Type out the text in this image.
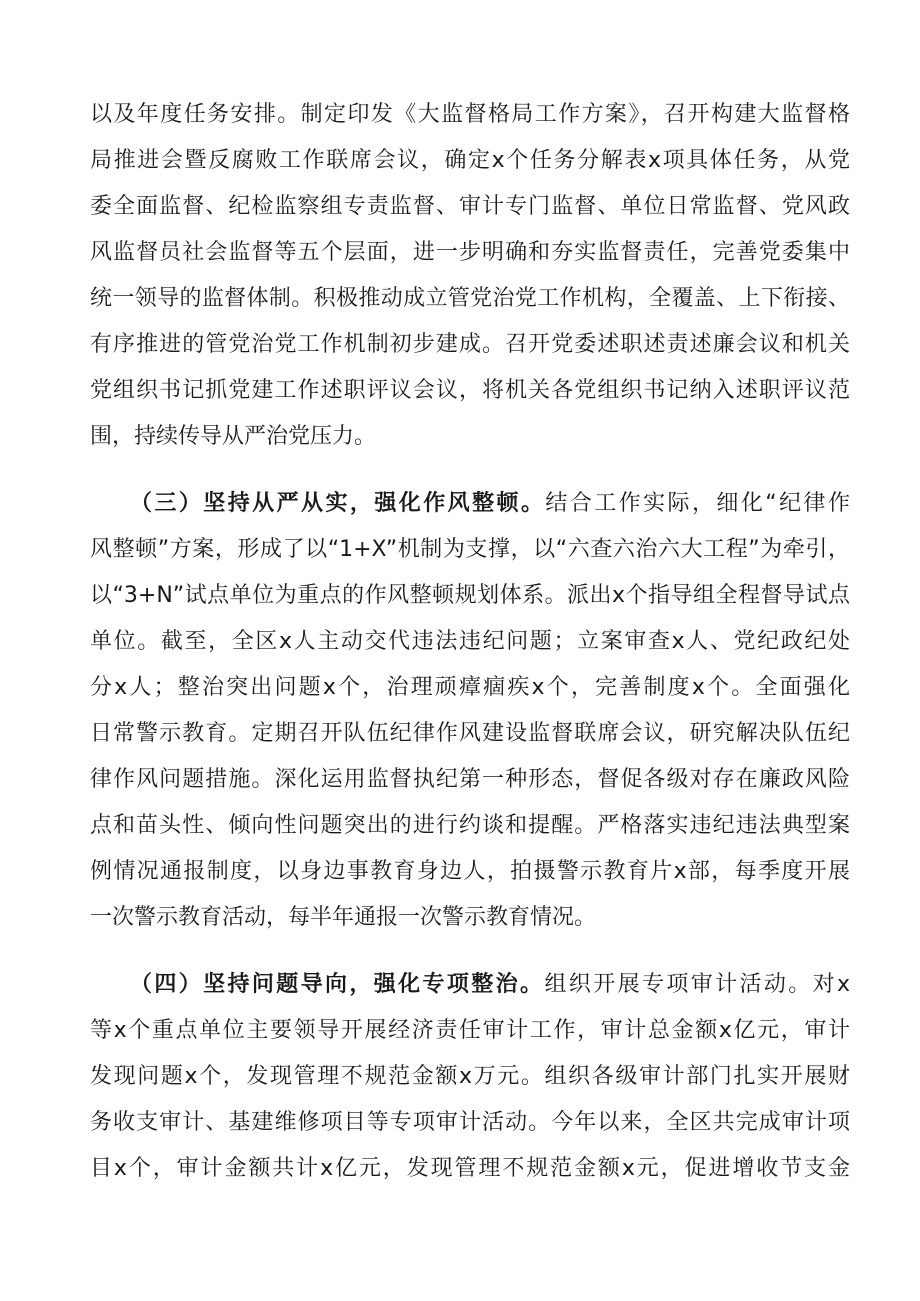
以及年度任务安排。制定印发《大监督格局工作方案》，召开构建大监督格
局推进会暨反腐败工作联席会议，确定x个任务分解表x项具体任务，从党
委全面监督、纪检监察组专责监督、审计专门监督、单位日常监督、党风政
风监督员社会监督等五个层面，进一步明确和夯实监督责任，完善党委集中
统一领导的监督体制。积极推动成立管党治党工作机构，全覆盖、上下衔接、
有序推进的管党治党工作机制初步建成。召开党委述职述责述廉会议和机关
党组织书记抓党建工作述职评议会议，将机关各党组织书记纳入述职评议范
围，持续传导从严治党压力。
（三）坚持从严从实，强化作风整顿。结合工作实际，细化“纪律作
风整顿”方案，形成了以“1+X”机制为支撑，以“六查六治六大工程”为牵引，
以“3+N”试点单位为重点的作风整顿规划体系。派出x个指导组全程督导试点
单位。截至，全区x人主动交代违法违纪问题；立案审查x人、党纪政纪处
分x人；整治突出问题x个，治理顽瘴痼疾x个，完善制度x个。全面强化
日常警示教育。定期召开队伍纪律作风建设监督联席会议，研究解决队伍纪
律作风问题措施。深化运用监督执纪第一种形态，督促各级对存在廉政风险
点和苗头性、倾向性问题突出的进行约谈和提醒。严格落实违纪违法典型案
例情况通报制度，以身边事教育身边人，拍摄警示教育片x部，每季度开展
一次警示教育活动，每半年通报一次警示教育情况。
（四）坚持问题导向，强化专项整治。组织开展专项审计活动。对x
等x个重点单位主要领导开展经济责任审计工作，审计总金额x亿元，审计
发现问题x个，发现管理不规范金额x万元。组织各级审计部门扎实开展财
务收支审计、基建维修项目等专项审计活动。今年以来，全区共完成审计项
目x个，审计金额共计x亿元，发现管理不规范金额x元，促进增收节支金
